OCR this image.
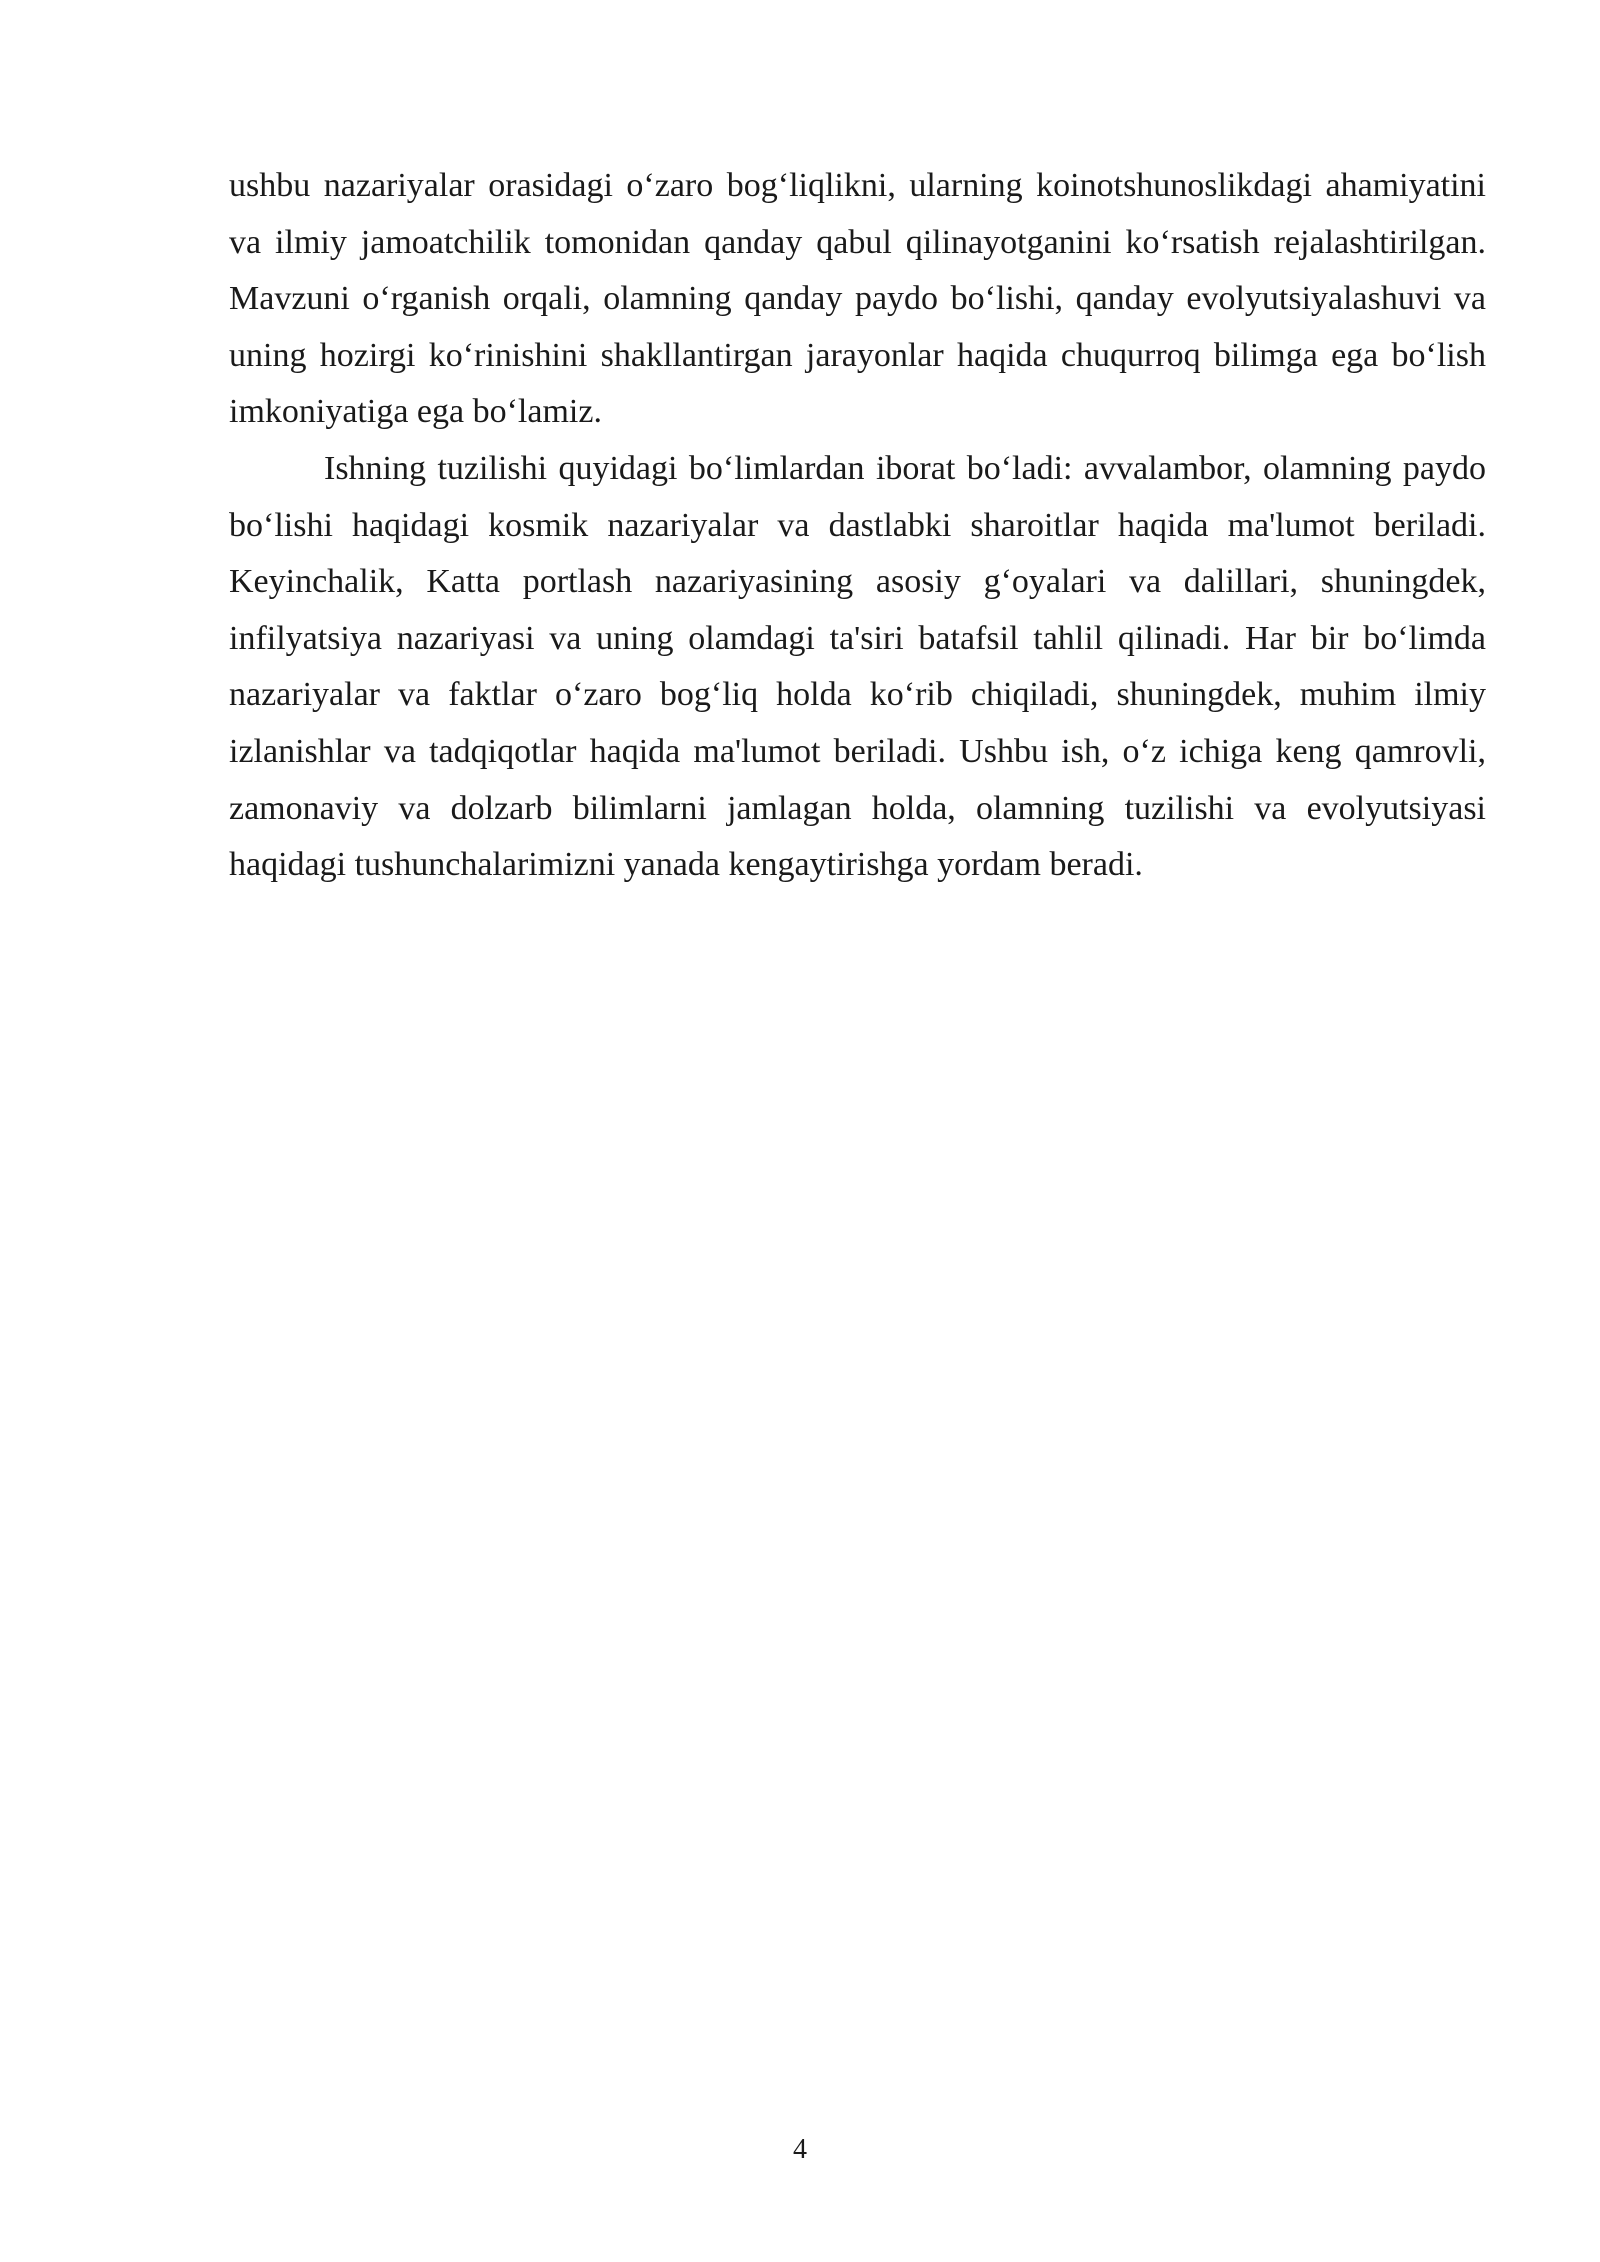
ushbu nazariyalar orasidagi o‘zaro bog‘liqlikni, ularning koinotshunoslikdagi ahamiyatini va ilmiy jamoatchilik tomonidan qanday qabul qilinayotganini ko‘rsatish rejalashtirilgan. Mavzuni o‘rganish orqali, olamning qanday paydo bo‘lishi, qanday evolyutsiyalashuvi va uning hozirgi ko‘rinishini shakllantirgan jarayonlar haqida chuqurroq bilimga ega bo‘lish imkoniyatiga ega bo‘lamiz.

Ishning tuzilishi quyidagi bo‘limlardan iborat bo‘ladi: avvalambor, olamning paydo bo‘lishi haqidagi kosmik nazariyalar va dastlabki sharoitlar haqida ma'lumot beriladi. Keyinchalik, Katta portlash nazariyasining asosiy g‘oyalari va dalillari, shuningdek, infilyatsiya nazariyasi va uning olamdagi ta'siri batafsil tahlil qilinadi. Har bir bo‘limda nazariyalar va faktlar o‘zaro bog‘liq holda ko‘rib chiqiladi, shuningdek, muhim ilmiy izlanishlar va tadqiqotlar haqida ma'lumot beriladi. Ushbu ish, o‘z ichiga keng qamrovli, zamonaviy va dolzarb bilimlarni jamlagan holda, olamning tuzilishi va evolyutsiyasi haqidagi tushunchalarimizni yanada kengaytirishga yordam beradi.

4
